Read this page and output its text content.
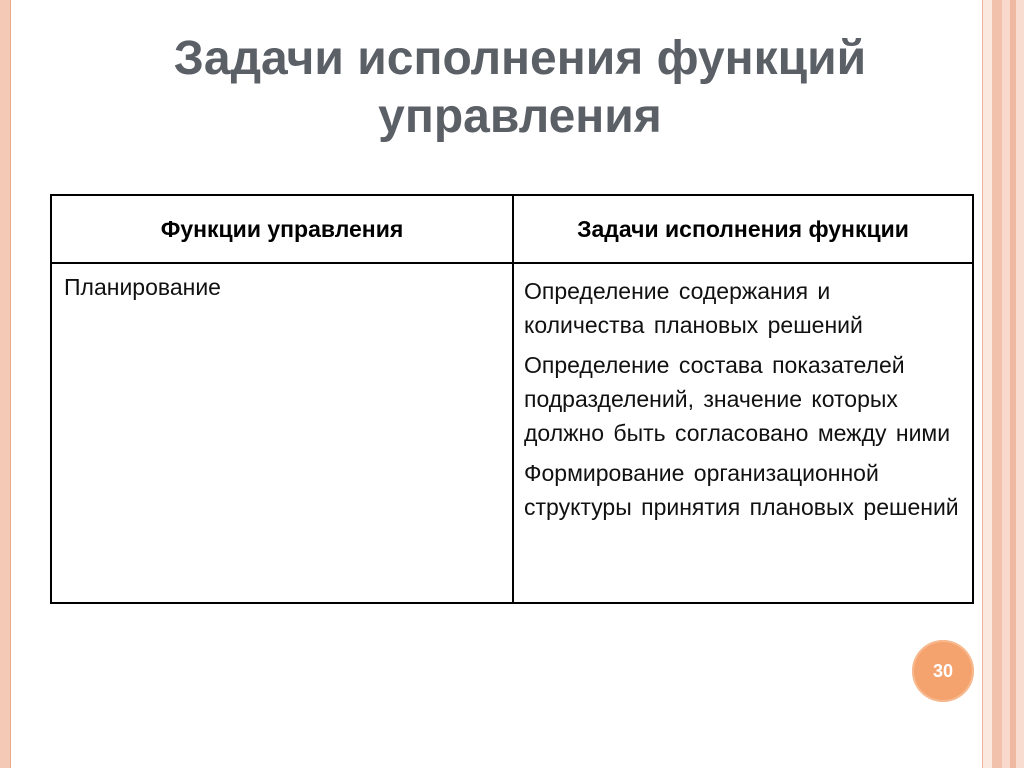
Задачи исполнения функций
управления
Функции управления	Задачи исполнения функции
Планирование	Определение содержания и количества плановых решений

Определение состава показателей подразделений, значение которых должно быть согласовано между ними

Формирование организационной структуры принятия плановых решений

30
